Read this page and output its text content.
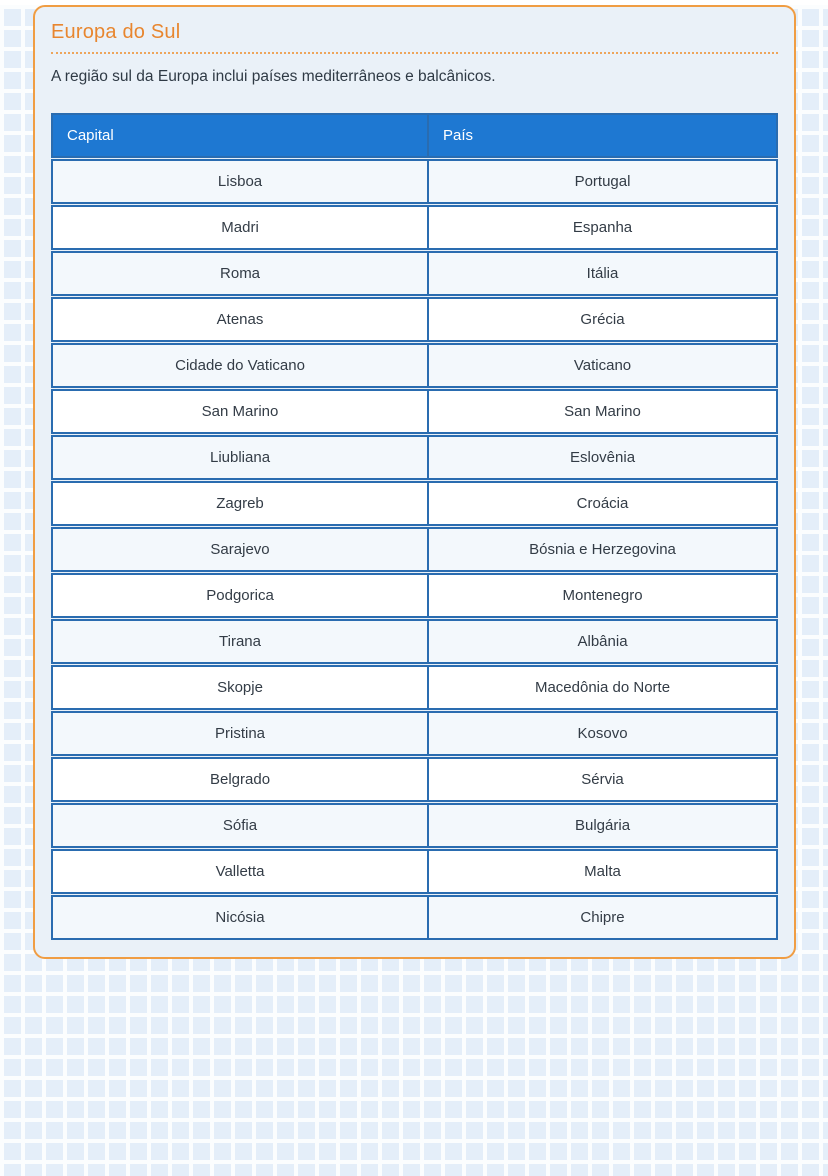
Europa do Sul

A região sul da Europa inclui países mediterrâneos e balcânicos.

Capital	País
Lisboa	Portugal
Madri	Espanha
Roma	Itália
Atenas	Grécia
Cidade do Vaticano	Vaticano
San Marino	San Marino
Liubliana	Eslovênia
Zagreb	Croácia
Sarajevo	Bósnia e Herzegovina
Podgorica	Montenegro
Tirana	Albânia
Skopje	Macedônia do Norte
Pristina	Kosovo
Belgrado	Sérvia
Sófia	Bulgária
Valletta	Malta
Nicósia	Chipre
